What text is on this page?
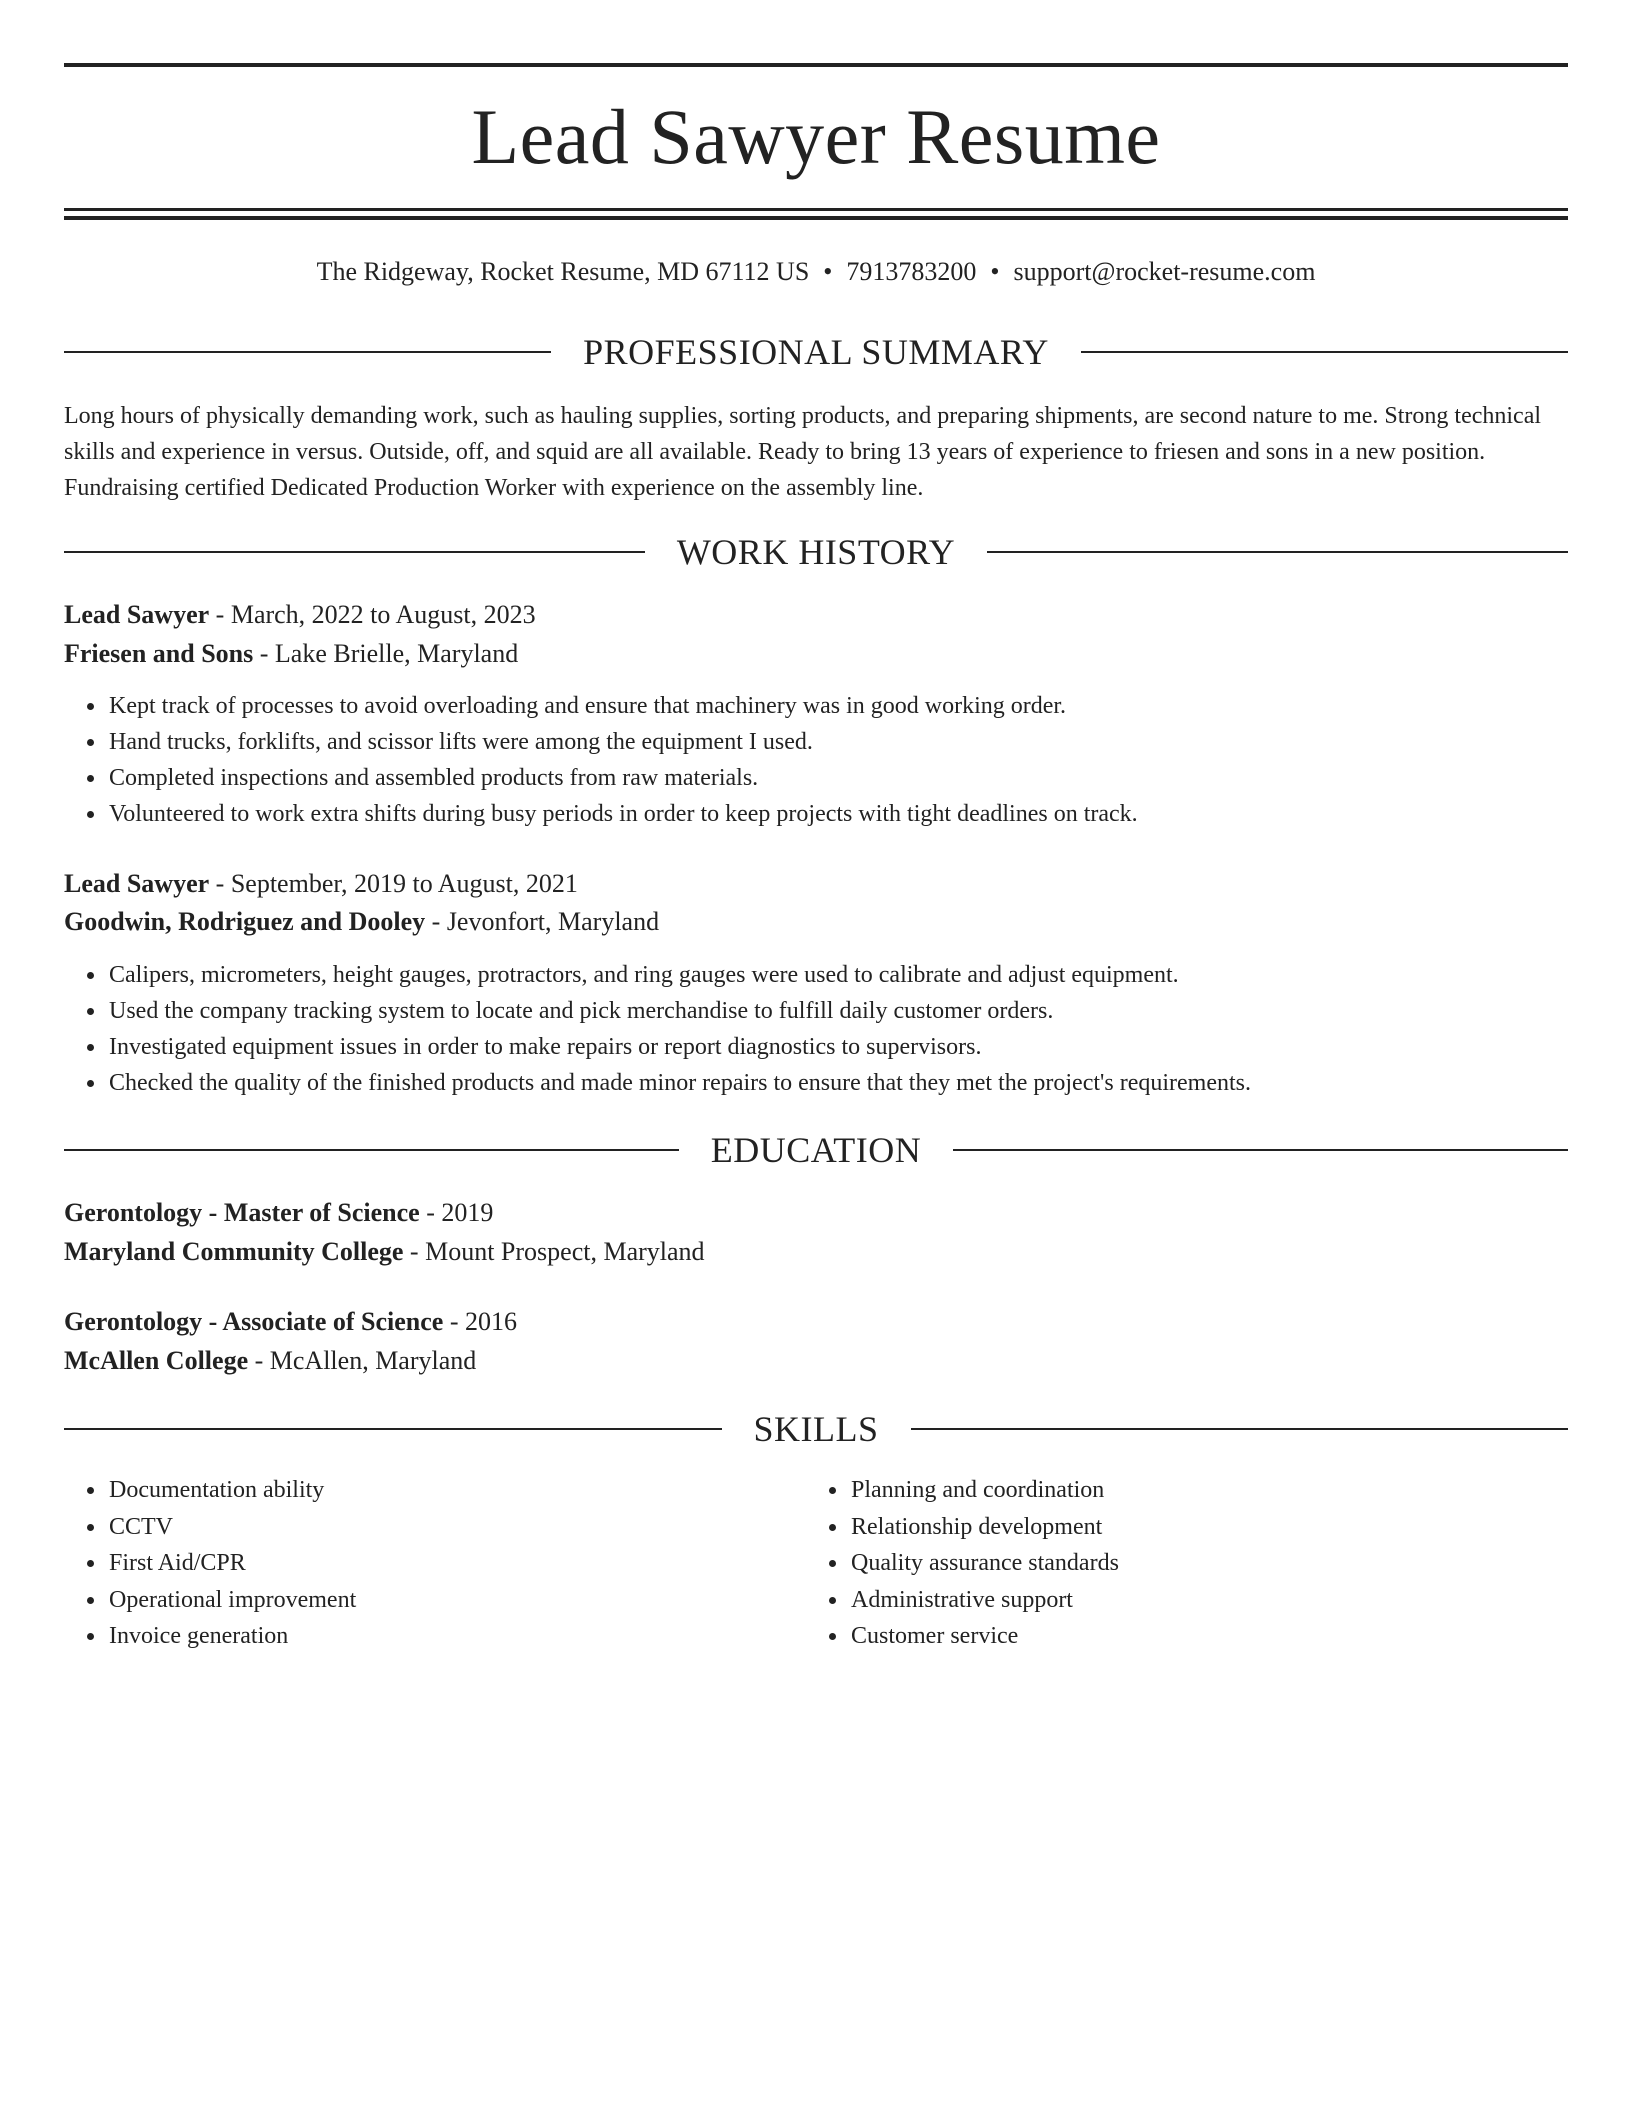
Lead Sawyer Resume
The Ridgeway, Rocket Resume, MD 67112 US • 7913783200 • support@rocket-resume.com
PROFESSIONAL SUMMARY
Long hours of physically demanding work, such as hauling supplies, sorting products, and preparing shipments, are second nature to me. Strong technical skills and experience in versus. Outside, off, and squid are all available. Ready to bring 13 years of experience to friesen and sons in a new position. Fundraising certified Dedicated Production Worker with experience on the assembly line.
WORK HISTORY
Lead Sawyer - March, 2022 to August, 2023
Friesen and Sons - Lake Brielle, Maryland
• Kept track of processes to avoid overloading and ensure that machinery was in good working order.
• Hand trucks, forklifts, and scissor lifts were among the equipment I used.
• Completed inspections and assembled products from raw materials.
• Volunteered to work extra shifts during busy periods in order to keep projects with tight deadlines on track.
Lead Sawyer - September, 2019 to August, 2021
Goodwin, Rodriguez and Dooley - Jevonfort, Maryland
• Calipers, micrometers, height gauges, protractors, and ring gauges were used to calibrate and adjust equipment.
• Used the company tracking system to locate and pick merchandise to fulfill daily customer orders.
• Investigated equipment issues in order to make repairs or report diagnostics to supervisors.
• Checked the quality of the finished products and made minor repairs to ensure that they met the project's requirements.
EDUCATION
Gerontology - Master of Science - 2019
Maryland Community College - Mount Prospect, Maryland
Gerontology - Associate of Science - 2016
McAllen College - McAllen, Maryland
SKILLS
• Documentation ability
• CCTV
• First Aid/CPR
• Operational improvement
• Invoice generation
• Planning and coordination
• Relationship development
• Quality assurance standards
• Administrative support
• Customer service
